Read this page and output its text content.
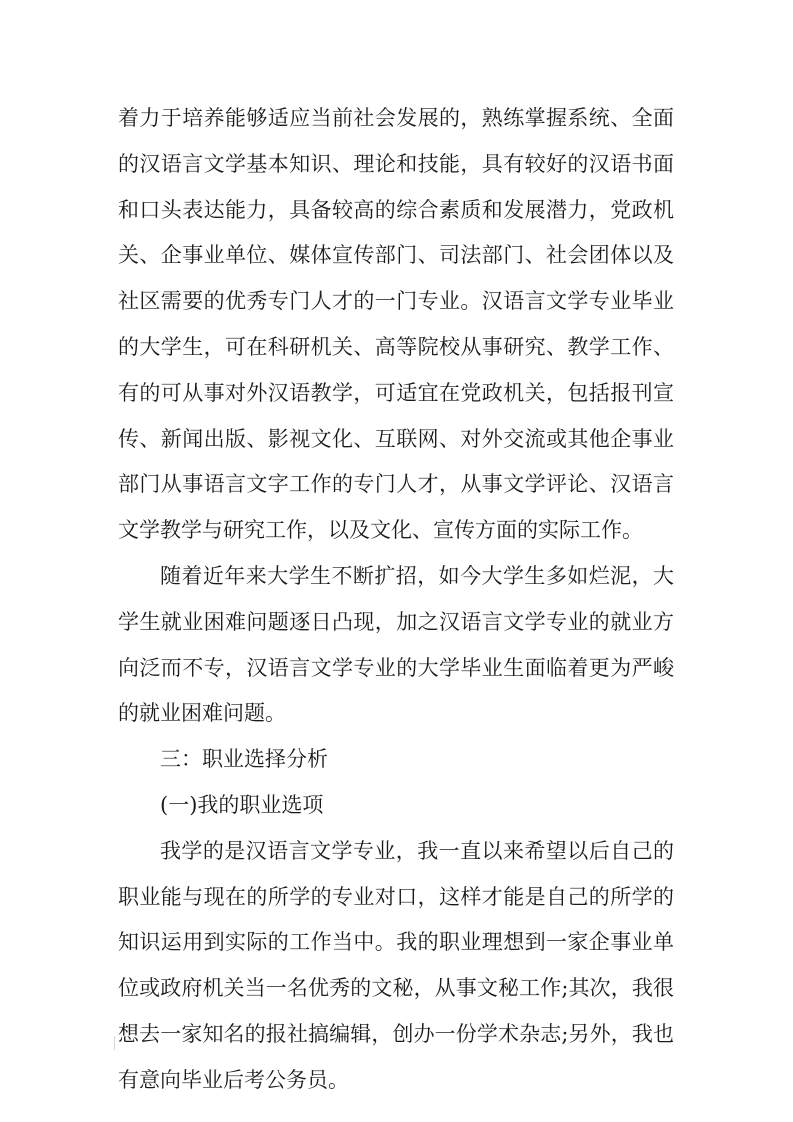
着力于培养能够适应当前社会发展的，熟练掌握系统、全面的汉语言文学基本知识、理论和技能，具有较好的汉语书面和口头表达能力，具备较高的综合素质和发展潜力，党政机关、企事业单位、媒体宣传部门、司法部门、社会团体以及社区需要的优秀专门人才的一门专业。汉语言文学专业毕业的大学生，可在科研机关、高等院校从事研究、教学工作、有的可从事对外汉语教学，可适宜在党政机关，包括报刊宣传、新闻出版、影视文化、互联网、对外交流或其他企事业部门从事语言文字工作的专门人才，从事文学评论、汉语言文学教学与研究工作，以及文化、宣传方面的实际工作。

随着近年来大学生不断扩招，如今大学生多如烂泥，大学生就业困难问题逐日凸现，加之汉语言文学专业的就业方向泛而不专，汉语言文学专业的大学毕业生面临着更为严峻的就业困难问题。

三：职业选择分析
(一)我的职业选项

我学的是汉语言文学专业，我一直以来希望以后自己的职业能与现在的所学的专业对口，这样才能是自己的所学的知识运用到实际的工作当中。我的职业理想到一家企事业单位或政府机关当一名优秀的文秘，从事文秘工作;其次，我很想去一家知名的报社搞编辑，创办一份学术杂志;另外，我也有意向毕业后考公务员。
